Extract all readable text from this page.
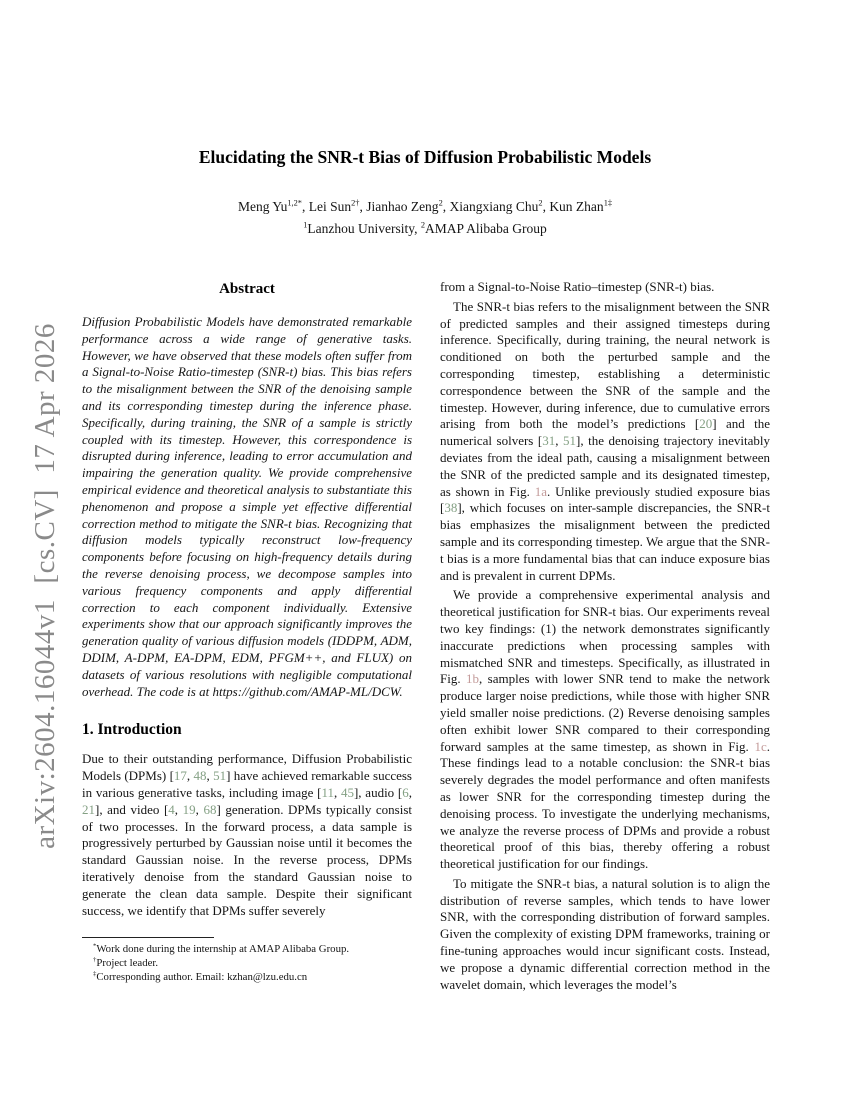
arXiv:2604.16044v1  [cs.CV]  17 Apr 2026
Elucidating the SNR-t Bias of Diffusion Probabilistic Models
Meng $Yu^{1,2*}$, Lei Sun$^{2\dagger}$, Jianhao Zeng$^2$, Xiangxiang Chu$^2$, Kun Zhan$^{1\ddagger}$
$^1$Lanzhou University, $^2$AMAP Alibaba Group
Abstract

Diffusion Probabilistic Models have demonstrated remarkable performance across a wide range of generative tasks. However, we have observed that these models often suffer from a Signal-to-Noise Ratio-timestep (SNR-t) bias. This bias refers to the misalignment between the SNR of the denoising sample and its corresponding timestep during the inference phase. Specifically, during training, the SNR of a sample is strictly coupled with its timestep. However, this correspondence is disrupted during inference, leading to error accumulation and impairing the generation quality. We provide comprehensive empirical evidence and theoretical analysis to substantiate this phenomenon and propose a simple yet effective differential correction method to mitigate the SNR-t bias. Recognizing that diffusion models typically reconstruct low-frequency components before focusing on high-frequency details during the reverse denoising process, we decompose samples into various frequency components and apply differential correction to each component individually. Extensive experiments show that our approach significantly improves the generation quality of various diffusion models (IDDPM, ADM, DDIM, A-DPM, EA-DPM, EDM, PFGM++, and FLUX) on datasets of various resolutions with negligible computational overhead. The code is at https://github.com/AMAP-ML/DCW.

1. Introduction

Due to their outstanding performance, Diffusion Probabilistic Models (DPMs) [17, 48, 51] have achieved remarkable success in various generative tasks, including image [11, 45], audio [6, 21], and video [4, 19, 68] generation. DPMs typically consist of two processes. In the forward process, a data sample is progressively perturbed by Gaussian noise until it becomes the standard Gaussian noise. In the reverse process, DPMs iteratively denoise from the standard Gaussian noise to generate the clean data sample. Despite their significant success, we identify that DPMs suffer severely

from a Signal-to-Noise Ratio–timestep (SNR-t) bias.

The SNR-t bias refers to the misalignment between the SNR of predicted samples and their assigned timesteps during inference. Specifically, during training, the neural network is conditioned on both the perturbed sample and the corresponding timestep, establishing a deterministic correspondence between the SNR of the sample and the timestep. However, during inference, due to cumulative errors arising from both the model’s predictions [20] and the numerical solvers [31, 51], the denoising trajectory inevitably deviates from the ideal path, causing a misalignment between the SNR of the predicted sample and its designated timestep, as shown in Fig. 1a. Unlike previously studied exposure bias [38], which focuses on inter-sample discrepancies, the SNR-t bias emphasizes the misalignment between the predicted sample and its corresponding timestep. We argue that the SNR-t bias is a more fundamental bias that can induce exposure bias and is prevalent in current DPMs.

We provide a comprehensive experimental analysis and theoretical justification for SNR-t bias. Our experiments reveal two key findings: (1) the network demonstrates significantly inaccurate predictions when processing samples with mismatched SNR and timesteps. Specifically, as illustrated in Fig. 1b, samples with lower SNR tend to make the network produce larger noise predictions, while those with higher SNR yield smaller noise predictions. (2) Reverse denoising samples often exhibit lower SNR compared to their corresponding forward samples at the same timestep, as shown in Fig. 1c. These findings lead to a notable conclusion: the SNR-t bias severely degrades the model performance and often manifests as lower SNR for the corresponding timestep during the denoising process. To investigate the underlying mechanisms, we analyze the reverse process of DPMs and provide a robust theoretical proof of this bias, thereby offering a robust theoretical justification for our findings.

To mitigate the SNR-t bias, a natural solution is to align the distribution of reverse samples, which tends to have lower SNR, with the corresponding distribution of forward samples. Given the complexity of existing DPM frameworks, training or fine-tuning approaches would incur significant costs. Instead, we propose a dynamic differential correction method in the wavelet domain, which leverages the model’s

*Work done during the internship at AMAP Alibaba Group.
†Project leader.
‡Corresponding author. Email: kzhan@lzu.edu.cn
